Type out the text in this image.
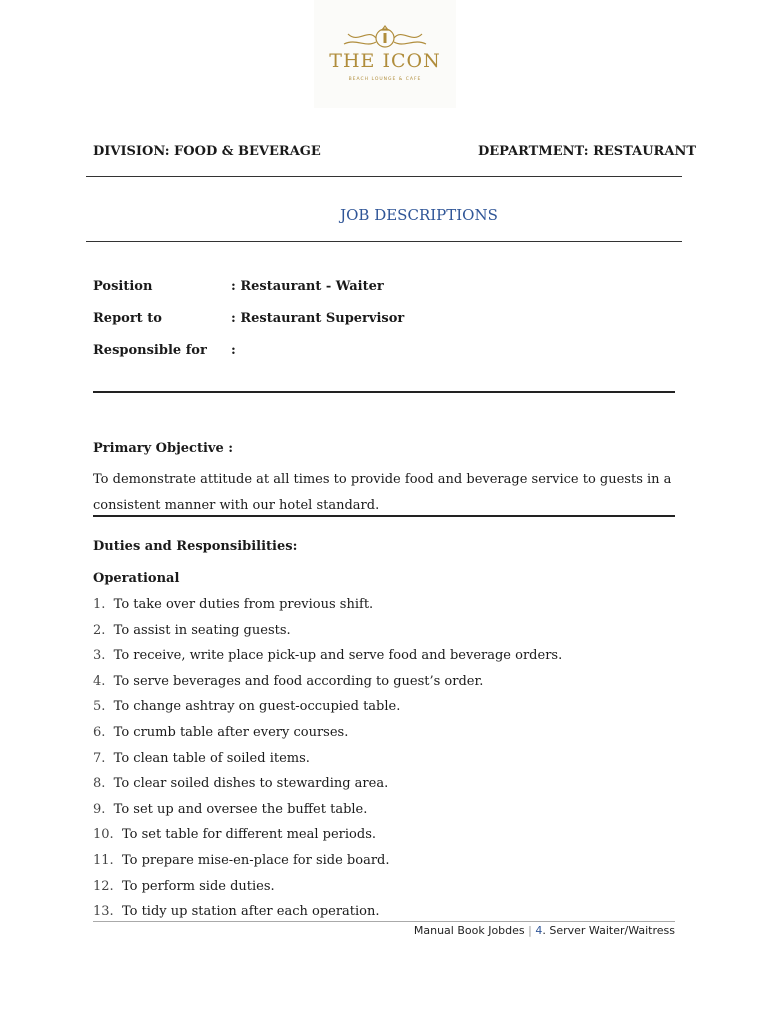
THE ICON
BEACH LOUNGE & CAFE
DIVISION: FOOD & BEVERAGE	DEPARTMENT: RESTAURANT
JOB DESCRIPTIONS
Position	: Restaurant - Waiter
Report to	: Restaurant Supervisor
Responsible for :
Primary Objective :
To demonstrate attitude at all times to provide food and beverage service to guests in a
consistent manner with our hotel standard.
Duties and Responsibilities:
Operational
1. To take over duties from previous shift.
2. To assist in seating guests.
3. To receive, write place pick-up and serve food and beverage orders.
4. To serve beverages and food according to guest’s order.
5. To change ashtray on guest-occupied table.
6. To crumb table after every courses.
7. To clean table of soiled items.
8. To clear soiled dishes to stewarding area.
9. To set up and oversee the buffet table.
10. To set table for different meal periods.
11. To prepare mise-en-place for side board.
12. To perform side duties.
13. To tidy up station after each operation.
Manual Book Jobdes | 4. Server Waiter/Waitress
